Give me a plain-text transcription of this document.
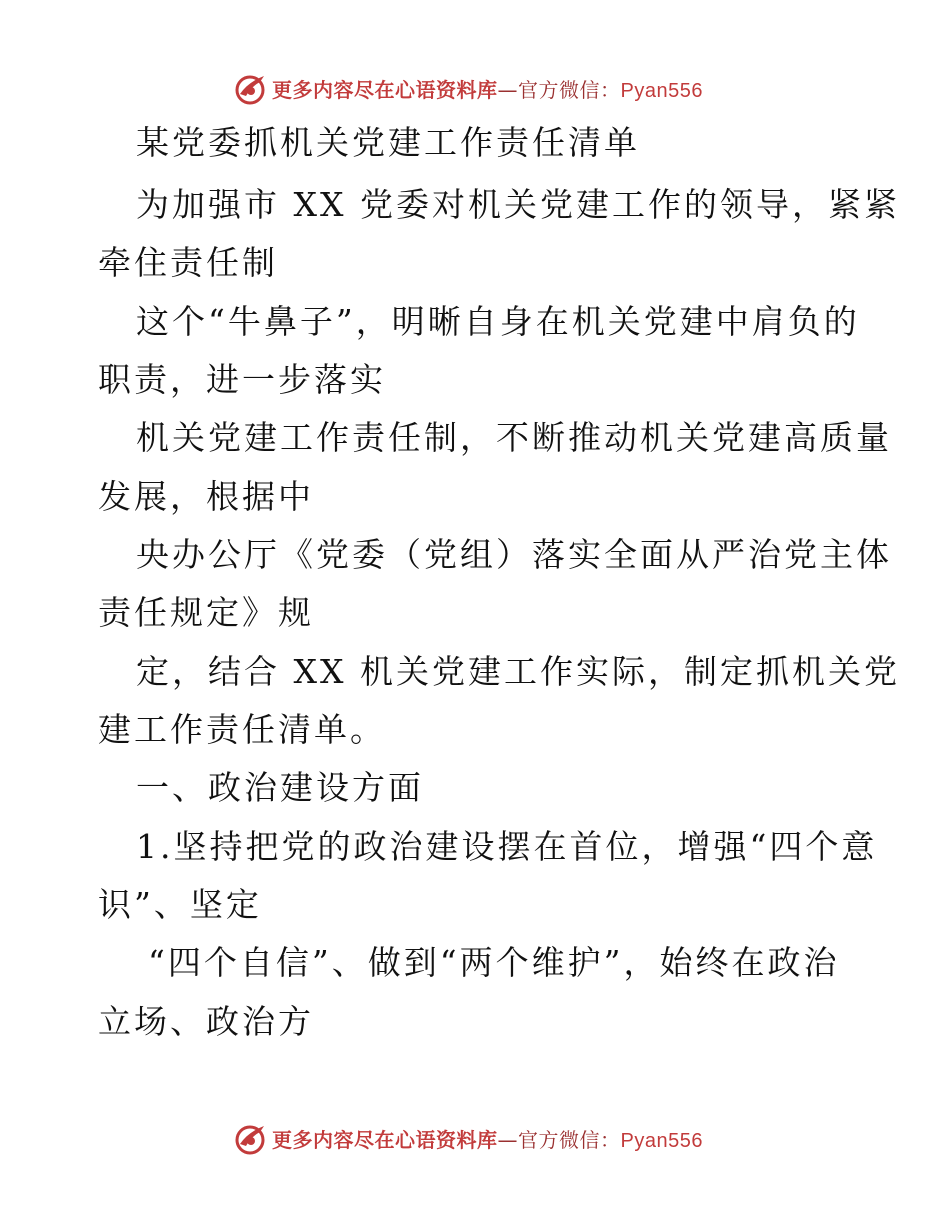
更多内容尽在心语资料库—官方微信：Pyan556
某党委抓机关党建工作责任清单
为加强市 XX 党委对机关党建工作的领导，紧紧
牵住责任制
这个“牛鼻子”，明晰自身在机关党建中肩负的
职责，进一步落实
机关党建工作责任制，不断推动机关党建高质量
发展，根据中
央办公厅《党委（党组）落实全面从严治党主体
责任规定》规
定，结合 XX 机关党建工作实际，制定抓机关党
建工作责任清单。
一、政治建设方面
1.坚持把党的政治建设摆在首位，增强“四个意
识”、坚定
“四个自信”、做到“两个维护”，始终在政治
立场、政治方
更多内容尽在心语资料库—官方微信：Pyan556
